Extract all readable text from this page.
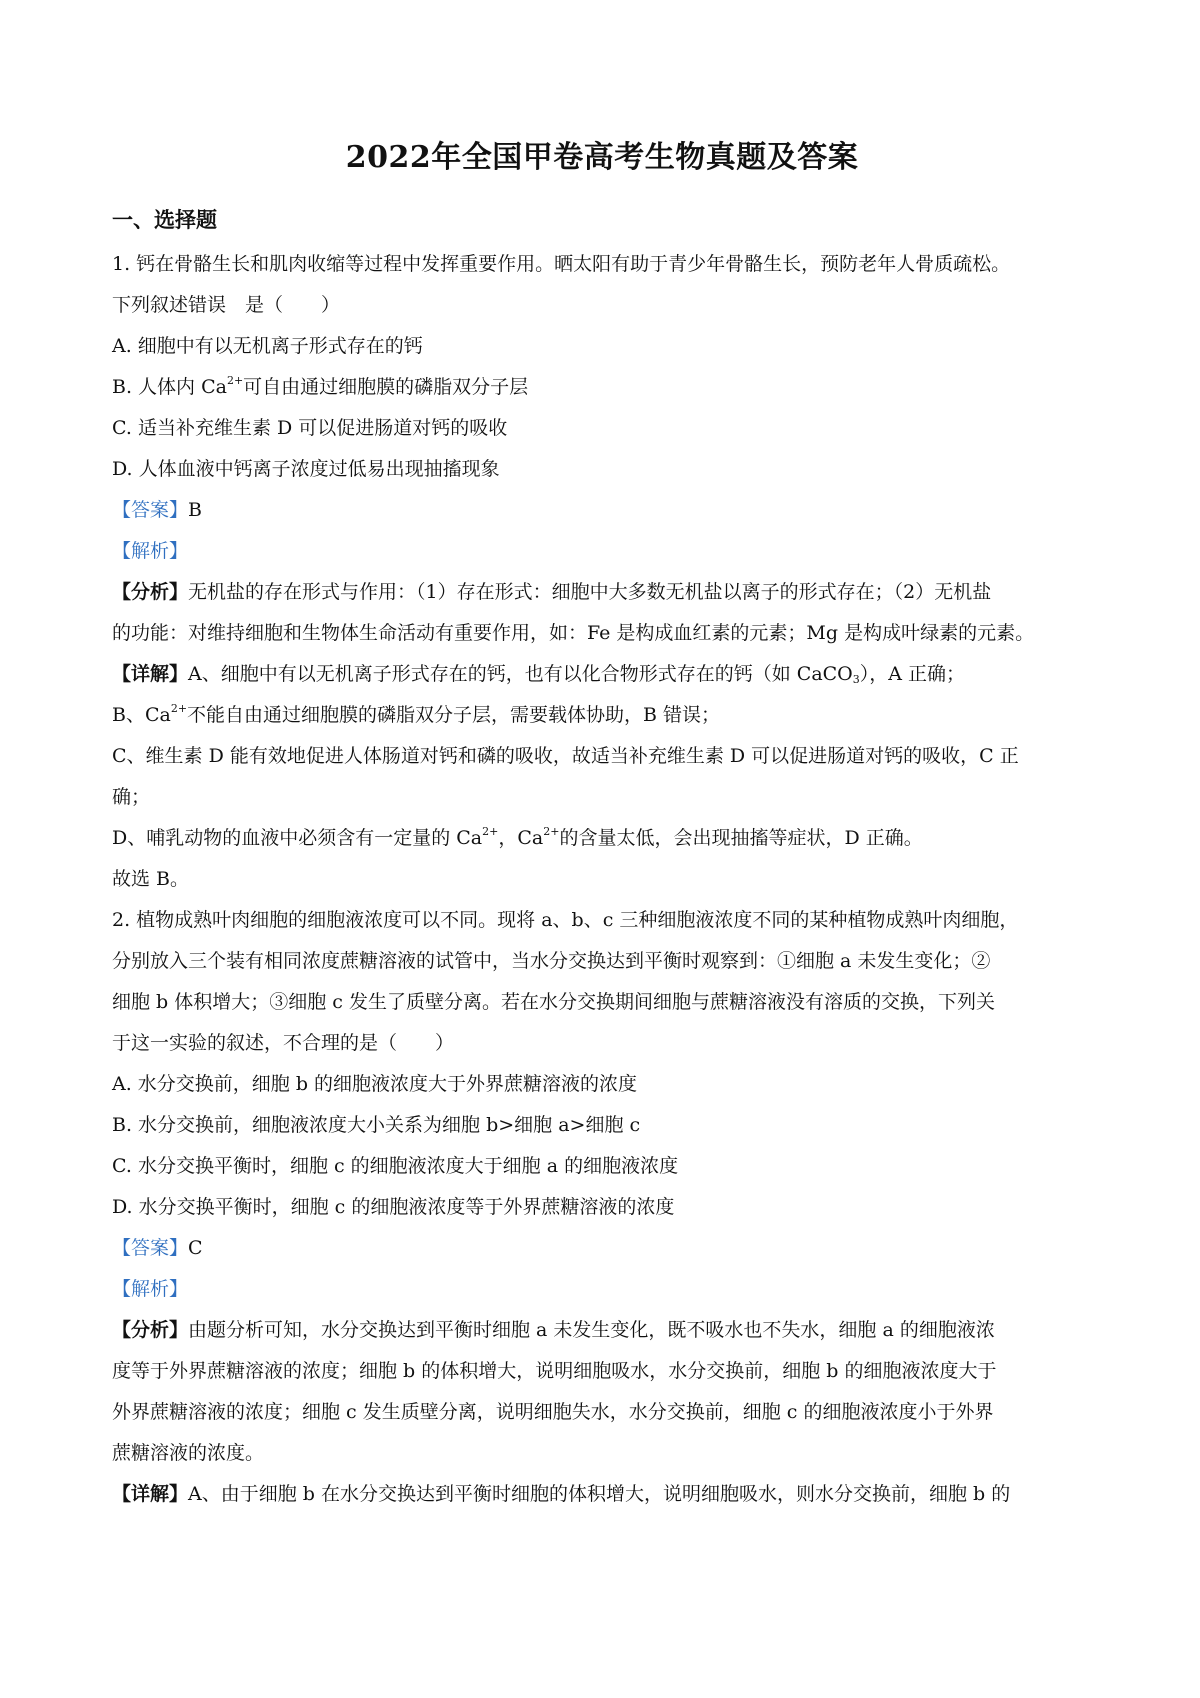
2022年全国甲卷高考生物真题及答案
一、选择题

1. 钙在骨骼生长和肌肉收缩等过程中发挥重要作用。晒太阳有助于青少年骨骼生长，预防老年人骨质疏松。

下列叙述错误　是（　　）

A. 细胞中有以无机离子形式存在的钙

B. 人体内 $Ca^{2+}$可自由通过细胞膜的磷脂双分子层

C. 适当补充维生素 D 可以促进肠道对钙的吸收

D. 人体血液中钙离子浓度过低易出现抽搐现象

【答案】B

【解析】

【分析】无机盐的存在形式与作用：（1）存在形式：细胞中大多数无机盐以离子的形式存在；（2）无机盐

的功能：对维持细胞和生物体生命活动有重要作用，如：Fe 是构成血红素的元素；Mg 是构成叶绿素的元素。

【详解】A、细胞中有以无机离子形式存在的钙，也有以化合物形式存在的钙（如 CaCO$_3$），A 正确；

B、$Ca^{2+}$不能自由通过细胞膜的磷脂双分子层，需要载体协助，B 错误；

C、维生素 D 能有效地促进人体肠道对钙和磷的吸收，故适当补充维生素 D 可以促进肠道对钙的吸收，C 正

确；

D、哺乳动物的血液中必须含有一定量的 $Ca^{2+}$，$Ca^{2+}$的含量太低，会出现抽搐等症状，D 正确。

故选 B。

2. 植物成熟叶肉细胞的细胞液浓度可以不同。现将 a、b、c 三种细胞液浓度不同的某种植物成熟叶肉细胞，

分别放入三个装有相同浓度蔗糖溶液的试管中，当水分交换达到平衡时观察到：①细胞 a 未发生变化；②

细胞 b 体积增大；③细胞 c 发生了质壁分离。若在水分交换期间细胞与蔗糖溶液没有溶质的交换，下列关

于这一实验的叙述，不合理的是（　　）

A. 水分交换前，细胞 b 的细胞液浓度大于外界蔗糖溶液的浓度

B. 水分交换前，细胞液浓度大小关系为细胞 b>细胞 a>细胞 c

C. 水分交换平衡时，细胞 c 的细胞液浓度大于细胞 a 的细胞液浓度

D. 水分交换平衡时，细胞 c 的细胞液浓度等于外界蔗糖溶液的浓度

【答案】C

【解析】

【分析】由题分析可知，水分交换达到平衡时细胞 a 未发生变化，既不吸水也不失水，细胞 a 的细胞液浓

度等于外界蔗糖溶液的浓度；细胞 b 的体积增大，说明细胞吸水，水分交换前，细胞 b 的细胞液浓度大于

外界蔗糖溶液的浓度；细胞 c 发生质壁分离，说明细胞失水，水分交换前，细胞 c 的细胞液浓度小于外界

蔗糖溶液的浓度。

【详解】A、由于细胞 b 在水分交换达到平衡时细胞的体积增大，说明细胞吸水，则水分交换前，细胞 b 的
